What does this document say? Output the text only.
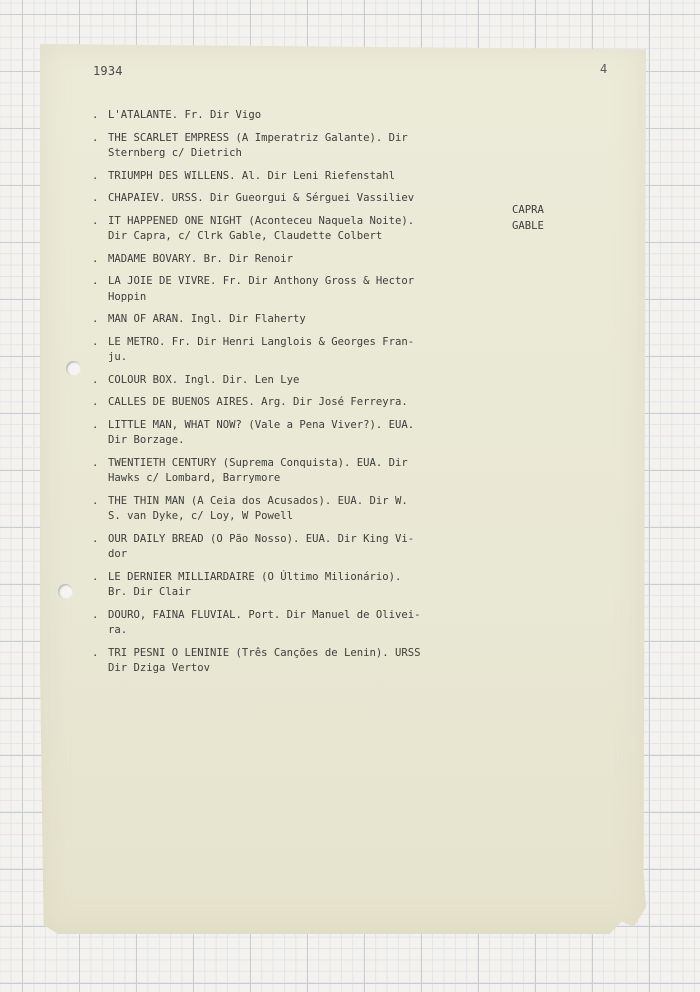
1934	4
. L'ATALANTE. Fr. Dir Vigo
. THE SCARLET EMPRESS (A Imperatriz Galante). Dir
Sternberg c/ Dietrich
. TRIUMPH DES WILLENS. Al. Dir Leni Riefenstahl
. CHAPAIEV. URSS. Dir Gueorgui & Sérguei Vassiliev
. IT HAPPENED ONE NIGHT (Aconteceu Naquela Noite).
Dir Capra, c/ Clrk Gable, Claudette Colbert
. MADAME BOVARY. Br. Dir Renoir
. LA JOIE DE VIVRE. Fr. Dir Anthony Gross & Hector
Hoppin
. MAN OF ARAN. Ingl. Dir Flaherty
. LE METRO. Fr. Dir Henri Langlois & Georges Fran-
ju.
. COLOUR BOX. Ingl. Dir. Len Lye
. CALLES DE BUENOS AIRES. Arg. Dir José Ferreyra.
. LITTLE MAN, WHAT NOW? (Vale a Pena Viver?). EUA.
Dir Borzage.
. TWENTIETH CENTURY (Suprema Conquista). EUA. Dir
Hawks c/ Lombard, Barrymore
. THE THIN MAN (A Ceia dos Acusados). EUA. Dir W.
S. van Dyke, c/ Loy, W Powell
. OUR DAILY BREAD (O Pão Nosso). EUA. Dir King Vi-
dor
. LE DERNIER MILLIARDAIRE (O Último Milionário).
Br. Dir Clair
. DOURO, FAINA FLUVIAL. Port. Dir Manuel de Olivei-
ra.
. TRI PESNI O LENINIE (Três Canções de Lenin). URSS
Dir Dziga Vertov
CAPRA
GABLE
